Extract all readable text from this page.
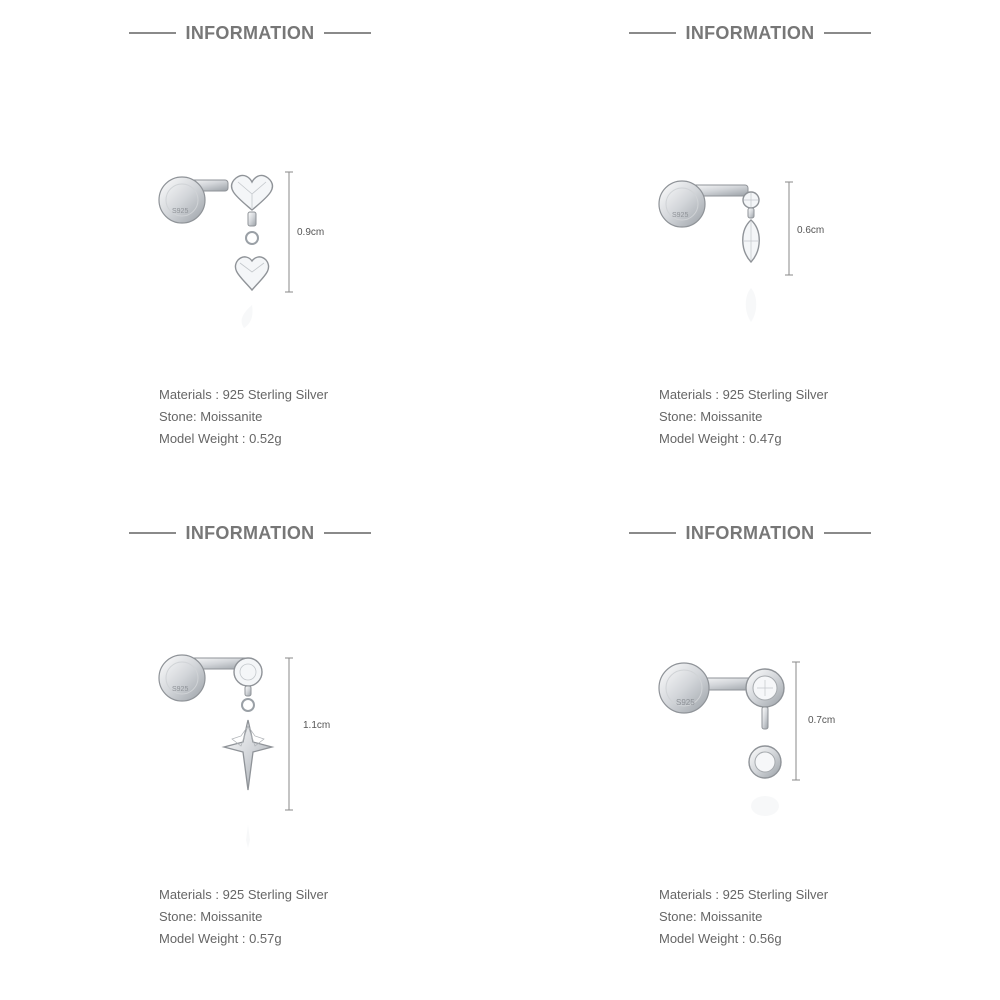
INFORMATION
S925
0.9cm
Materials : 925 Sterling Silver
Stone: Moissanite
Model Weight : 0.52g
INFORMATION
S925
0.6cm
Materials : 925 Sterling Silver
Stone: Moissanite
Model Weight : 0.47g
INFORMATION
S925
1.1cm
Materials : 925 Sterling Silver
Stone: Moissanite
Model Weight : 0.57g
INFORMATION
S925
0.7cm
Materials : 925 Sterling Silver
Stone: Moissanite
Model Weight : 0.56g
